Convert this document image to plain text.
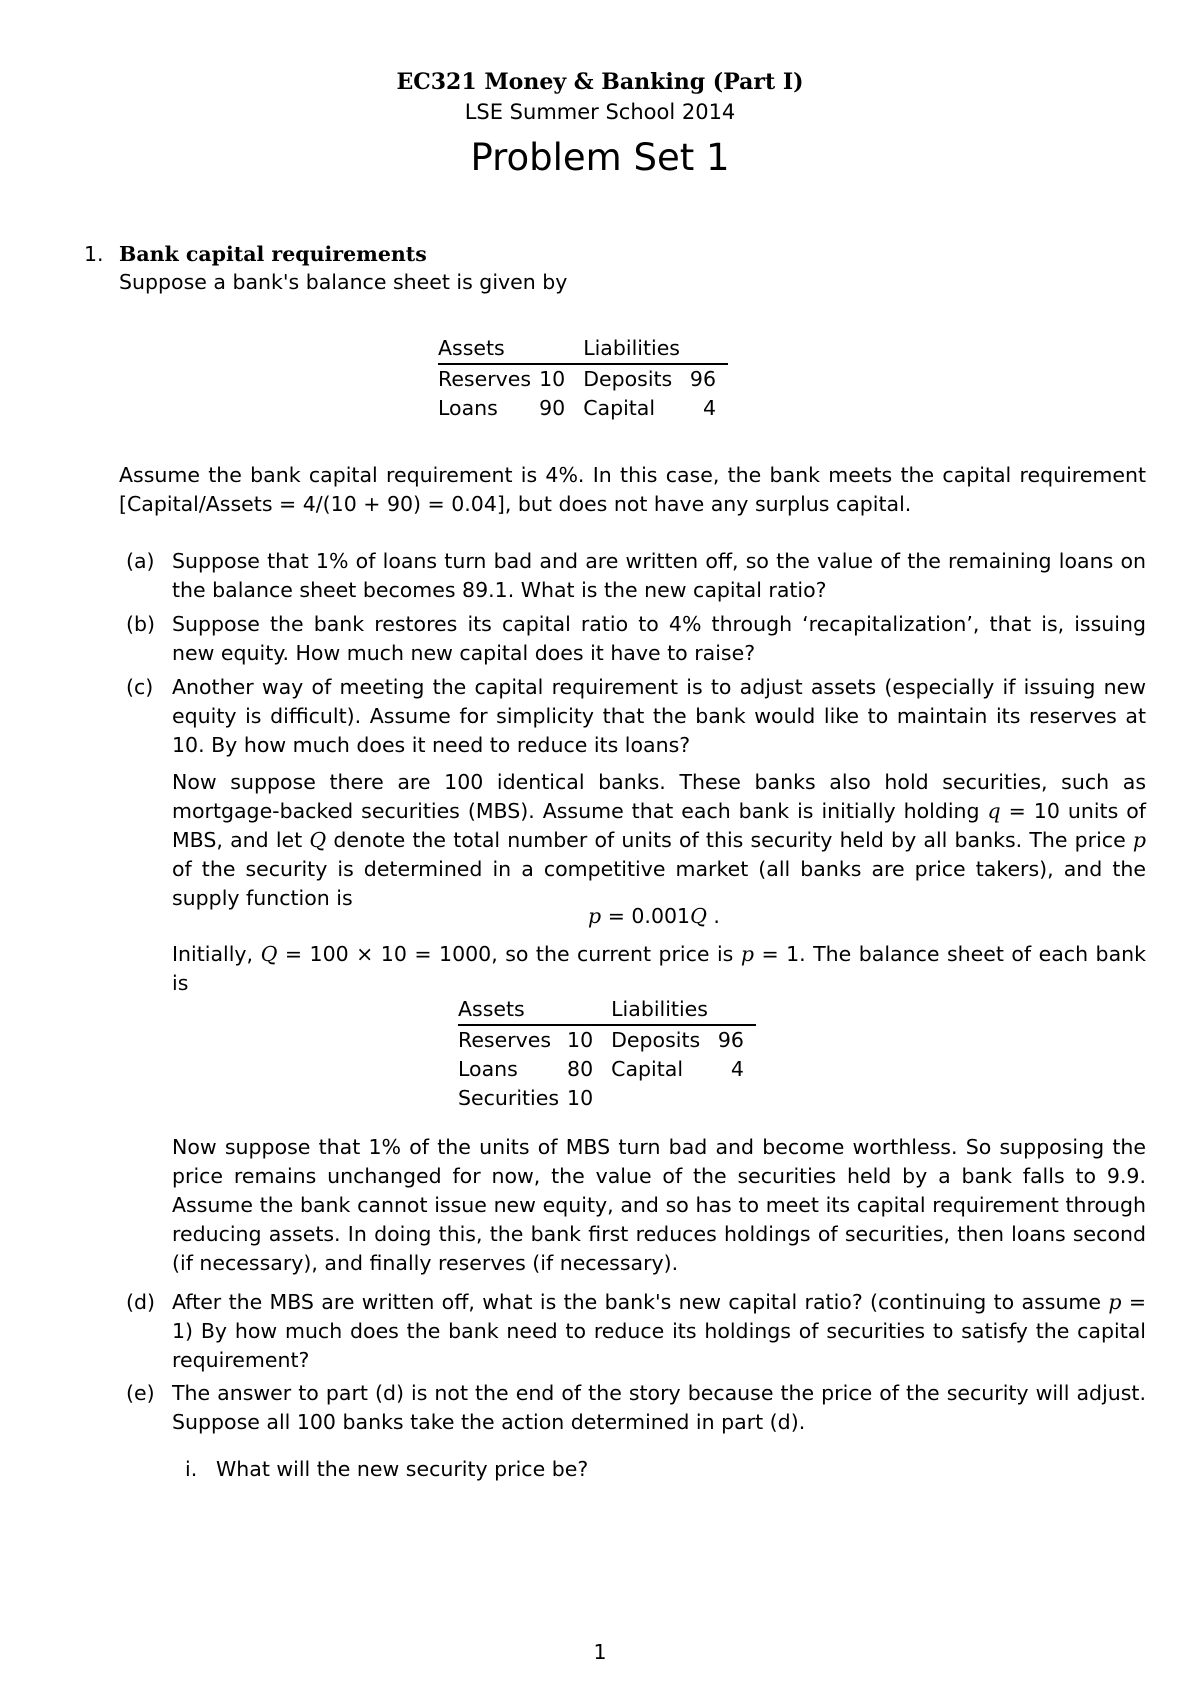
EC321 Money & Banking (Part I)
LSE Summer School 2014
Problem Set 1
1. Bank capital requirements
Suppose a bank's balance sheet is given by
Assets		Liabilities	
Reserves	10	Deposits	96
Loans	90	Capital	4
Assume the bank capital requirement is 4%. In this case, the bank meets the capital requirement [Capital/Assets = 4/(10 + 90) = 0.04], but does not have any surplus capital.
(a) Suppose that 1% of loans turn bad and are written off, so the value of the remaining loans on the balance sheet becomes 89.1. What is the new capital ratio?
(b) Suppose the bank restores its capital ratio to 4% through ‘recapitalization’, that is, issuing new equity. How much new capital does it have to raise?
(c) Another way of meeting the capital requirement is to adjust assets (especially if issuing new equity is difficult). Assume for simplicity that the bank would like to maintain its reserves at 10. By how much does it need to reduce its loans?
Now suppose there are 100 identical banks. These banks also hold securities, such as mortgage-backed securities (MBS). Assume that each bank is initially holding q = 10 units of MBS, and let Q denote the total number of units of this security held by all banks. The price p of the security is determined in a competitive market (all banks are price takers), and the supply function is
p = 0.001Q .
Initially, Q = 100 × 10 = 1000, so the current price is p = 1. The balance sheet of each bank is
Assets		Liabilities	
Reserves	10	Deposits	96
Loans	80	Capital	4
Securities	10		
Now suppose that 1% of the units of MBS turn bad and become worthless. So supposing the price remains unchanged for now, the value of the securities held by a bank falls to 9.9. Assume the bank cannot issue new equity, and so has to meet its capital requirement through reducing assets. In doing this, the bank first reduces holdings of securities, then loans second (if necessary), and finally reserves (if necessary).
(d) After the MBS are written off, what is the bank's new capital ratio? (continuing to assume p = 1) By how much does the bank need to reduce its holdings of securities to satisfy the capital requirement?
(e) The answer to part (d) is not the end of the story because the price of the security will adjust. Suppose all 100 banks take the action determined in part (d).
i. What will the new security price be?
1
